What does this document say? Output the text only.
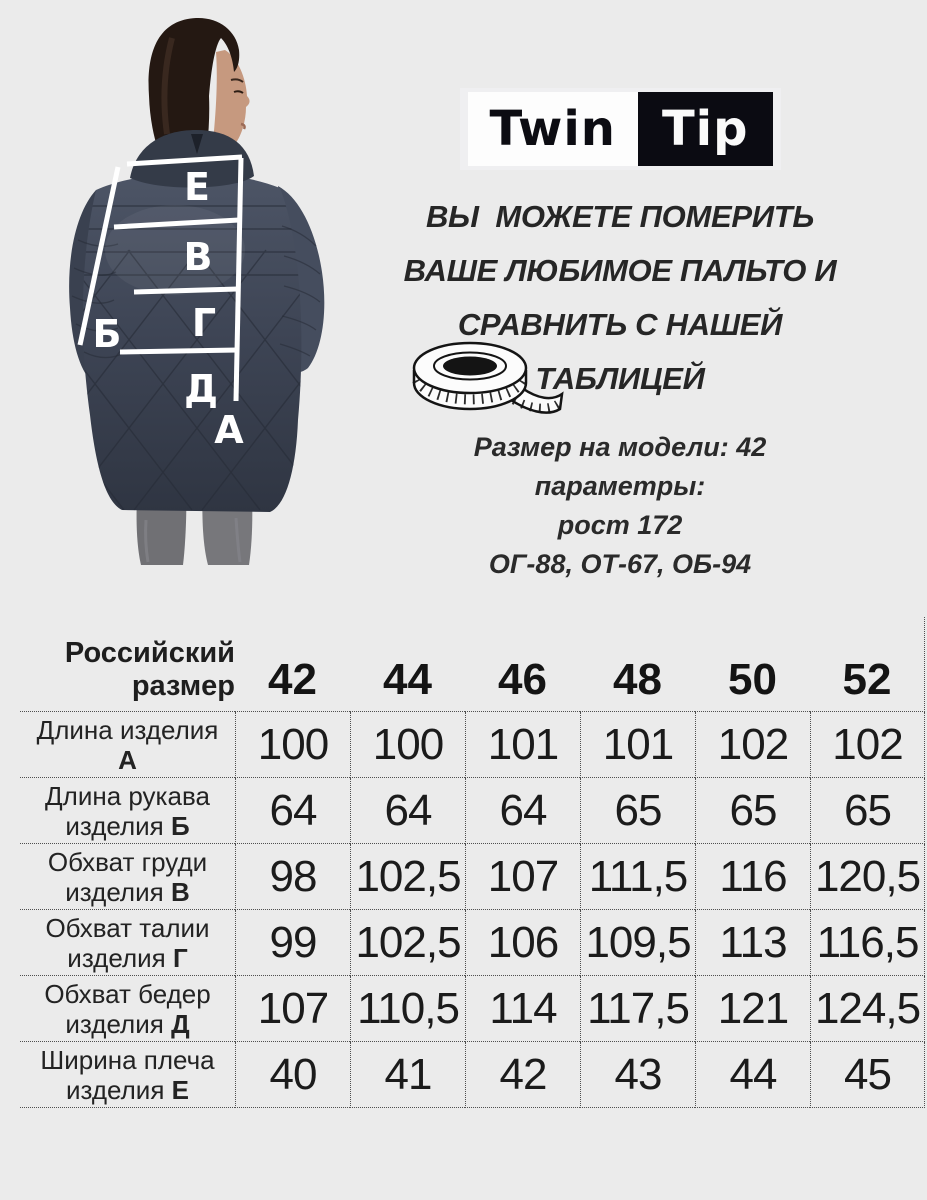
Е
В
Б Г
Д
А
Twin Tip
ВЫ  МОЖЕТЕ ПОМЕРИТЬ
ВАШЕ ЛЮБИМОЕ ПАЛЬТО И
СРАВНИТЬ С НАШЕЙ
ТАБЛИЦЕЙ
Размер на модели: 42
параметры:
рост 172
ОГ-88, ОТ-67, ОБ-94
Российский
размер 42	44	46	48	50	52
Длина изделия
А	100	100	101	101	102	102
Длина рукава
изделия Б	64	64	64	65	65	65
Обхват груди
изделия В	98 102,5 107 111,5 116 120,5
Обхват талии
изделия Г	99 102,5 106 109,5 113 116,5
Обхват бедер
изделия Д	107 110,5 114 117,5 121 124,5
Ширина плеча
изделия Е	40	41	42	43	44	45
